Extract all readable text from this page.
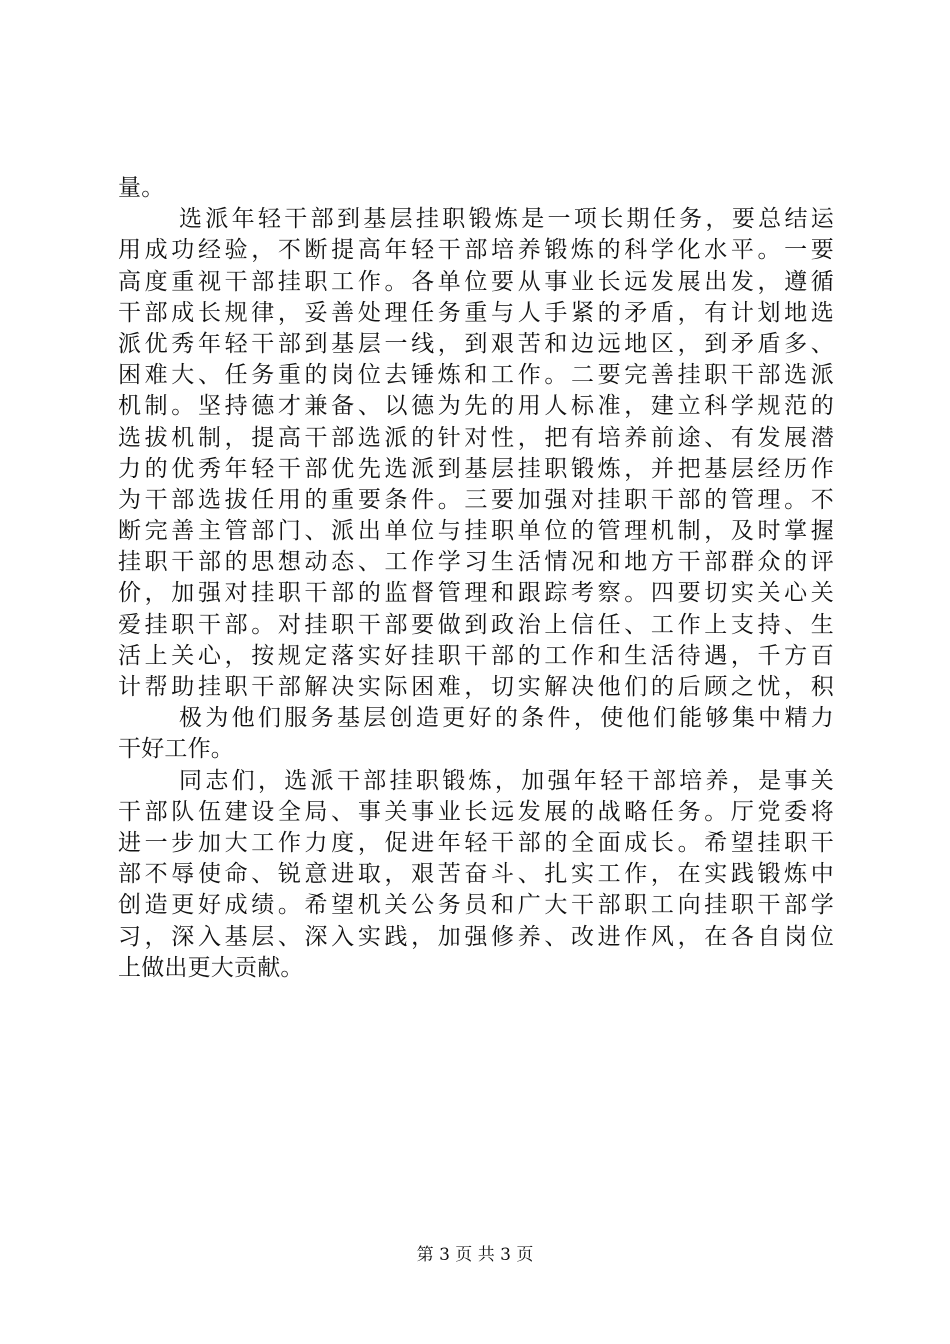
量。
选派年轻干部到基层挂职锻炼是一项长期任务，要总结运
用成功经验，不断提高年轻干部培养锻炼的科学化水平。一要
高度重视干部挂职工作。各单位要从事业长远发展出发，遵循
干部成长规律，妥善处理任务重与人手紧的矛盾，有计划地选
派优秀年轻干部到基层一线，到艰苦和边远地区，到矛盾多、
困难大、任务重的岗位去锤炼和工作。二要完善挂职干部选派
机制。坚持德才兼备、以德为先的用人标准，建立科学规范的
选拔机制，提高干部选派的针对性，把有培养前途、有发展潜
力的优秀年轻干部优先选派到基层挂职锻炼，并把基层经历作
为干部选拔任用的重要条件。三要加强对挂职干部的管理。不
断完善主管部门、派出单位与挂职单位的管理机制，及时掌握
挂职干部的思想动态、工作学习生活情况和地方干部群众的评
价，加强对挂职干部的监督管理和跟踪考察。四要切实关心关
爱挂职干部。对挂职干部要做到政治上信任、工作上支持、生
活上关心，按规定落实好挂职干部的工作和生活待遇，千方百
计帮助挂职干部解决实际困难，切实解决他们的后顾之忧，积
极为他们服务基层创造更好的条件，使他们能够集中精力
干好工作。
同志们，选派干部挂职锻炼，加强年轻干部培养，是事关
干部队伍建设全局、事关事业长远发展的战略任务。厅党委将
进一步加大工作力度，促进年轻干部的全面成长。希望挂职干
部不辱使命、锐意进取，艰苦奋斗、扎实工作，在实践锻炼中
创造更好成绩。希望机关公务员和广大干部职工向挂职干部学
习，深入基层、深入实践，加强修养、改进作风，在各自岗位
上做出更大贡献。
第 3 页 共 3 页
